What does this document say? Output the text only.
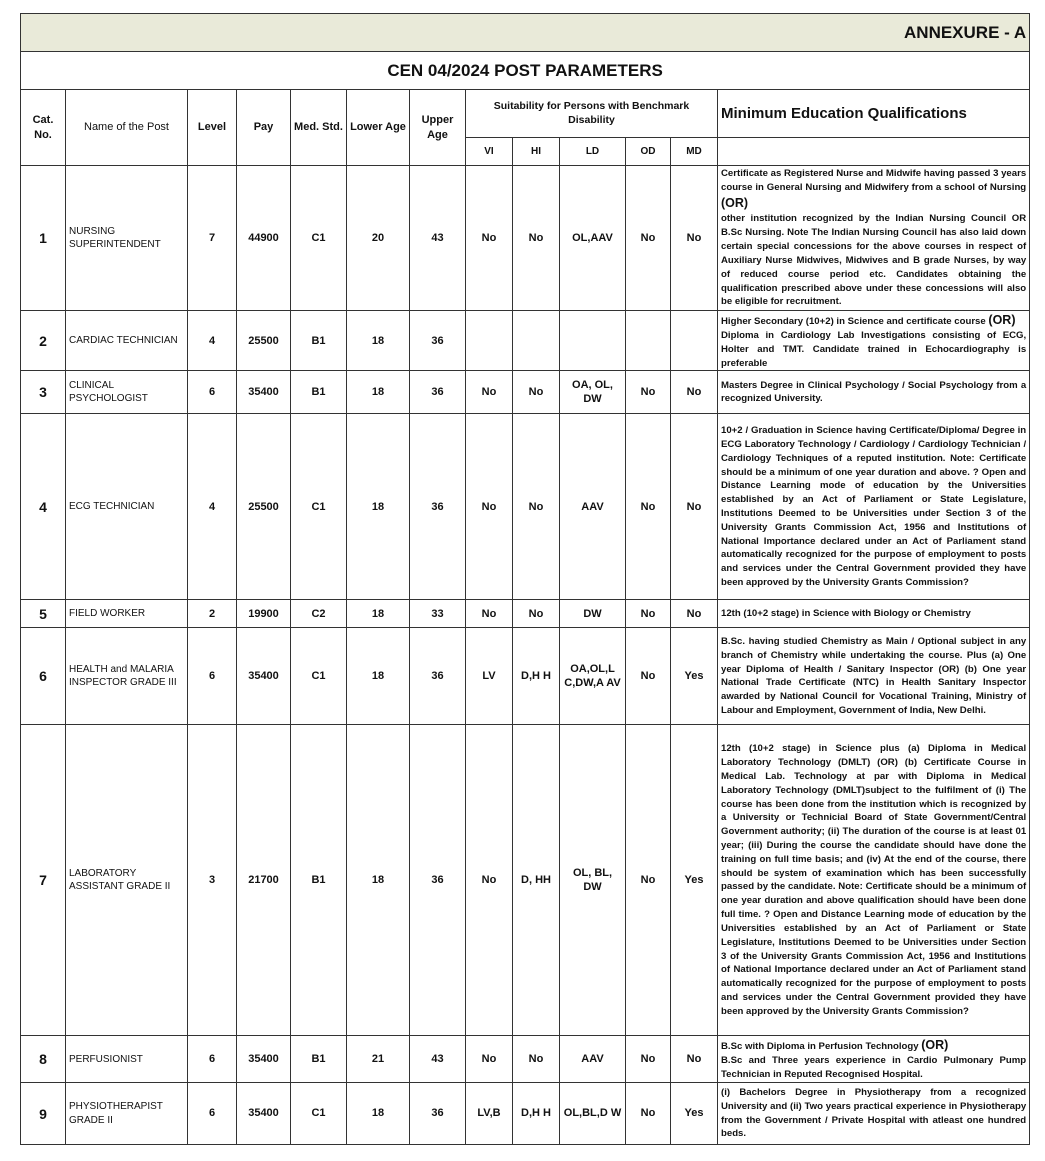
ANNEXURE - A												
CEN 04/2024 POST PARAMETERS												
Cat. No.	Name of the Post	Level	Pay	Med. Std.	Lower Age	Upper Age	Suitability for Persons with Benchmark Disability					Minimum Education Qualifications
							VI	HI	LD	OD	MD	
1	NURSING SUPERINTENDENT	7	44900	C1	20	43	No	No	OL,AAV	No	No	Certificate as Registered Nurse and Midwife having passed 3 years course in General Nursing and Midwifery from a school of Nursing (OR)
other institution recognized by the Indian Nursing Council OR B.Sc Nursing. Note The Indian Nursing Council has also laid down certain special concessions for the above courses in respect of Auxiliary Nurse Midwives, Midwives and B grade Nurses, by way of reduced course period etc. Candidates obtaining the qualification prescribed above under these concessions will also be eligible for recruitment.
2	CARDIAC TECHNICIAN	4	25500	B1	18	36						Higher Secondary (10+2) in Science and certificate course (OR)
Diploma in Cardiology Lab Investigations consisting of ECG, Holter and TMT. Candidate trained in Echocardiography is preferable
3	CLINICAL PSYCHOLOGIST	6	35400	B1	18	36	No	No	OA, OL, DW	No	No	Masters Degree in Clinical Psychology / Social Psychology from a recognized University.
4	ECG TECHNICIAN	4	25500	C1	18	36	No	No	AAV	No	No	10+2 / Graduation in Science having Certificate/Diploma/ Degree in ECG Laboratory Technology / Cardiology / Cardiology Technician / Cardiology Techniques of a reputed institution. Note: Certificate should be a minimum of one year duration and above. ? Open and Distance Learning mode of education by the Universities established by an Act of Parliament or State Legislature, Institutions Deemed to be Universities under Section 3 of the University Grants Commission Act, 1956 and Institutions of National Importance declared under an Act of Parliament stand automatically recognized for the purpose of employment to posts and services under the Central Government provided they have been approved by the University Grants Commission?
5	FIELD WORKER	2	19900	C2	18	33	No	No	DW	No	No	12th (10+2 stage) in Science with Biology or Chemistry
6	HEALTH and MALARIA INSPECTOR GRADE III	6	35400	C1	18	36	LV	D,H H	OA,OL,L C,DW,A AV	No	Yes	B.Sc. having studied Chemistry as Main / Optional subject in any branch of Chemistry while undertaking the course. Plus (a) One year Diploma of Health / Sanitary Inspector (OR) (b) One year National Trade Certificate (NTC) in Health Sanitary Inspector awarded by National Council for Vocational Training, Ministry of Labour and Employment, Government of India, New Delhi.
7	LABORATORY ASSISTANT GRADE II	3	21700	B1	18	36	No	D, HH	OL, BL, DW	No	Yes	12th (10+2 stage) in Science plus (a) Diploma in Medical Laboratory Technology (DMLT) (OR) (b) Certificate Course in Medical Lab. Technology at par with Diploma in Medical Laboratory Technology (DMLT)subject to the fulfilment of (i) The course has been done from the institution which is recognized by a University or Technicial Board of State Government/Central Government authority; (ii) The duration of the course is at least 01 year; (iii) During the course the candidate should have done the training on full time basis; and (iv) At the end of the course, there should be system of examination which has been successfully passed by the candidate. Note: Certificate should be a minimum of one year duration and above qualification should have been done full time. ? Open and Distance Learning mode of education by the Universities established by an Act of Parliament or State Legislature, Institutions Deemed to be Universities under Section 3 of the University Grants Commission Act, 1956 and Institutions of National Importance declared under an Act of Parliament stand automatically recognized for the purpose of employment to posts and services under the Central Government provided they have been approved by the University Grants Commission?
8	PERFUSIONIST	6	35400	B1	21	43	No	No	AAV	No	No	B.Sc with Diploma in Perfusion Technology (OR)
B.Sc and Three years experience in Cardio Pulmonary Pump Technician in Reputed Recognised Hospital.
9	PHYSIOTHERAPIST GRADE II	6	35400	C1	18	36	LV,B	D,H H	OL,BL,D W	No	Yes	(i) Bachelors Degree in Physiotherapy from a recognized University and (ii) Two years practical experience in Physiotherapy from the Government / Private Hospital with atleast one hundred beds.
